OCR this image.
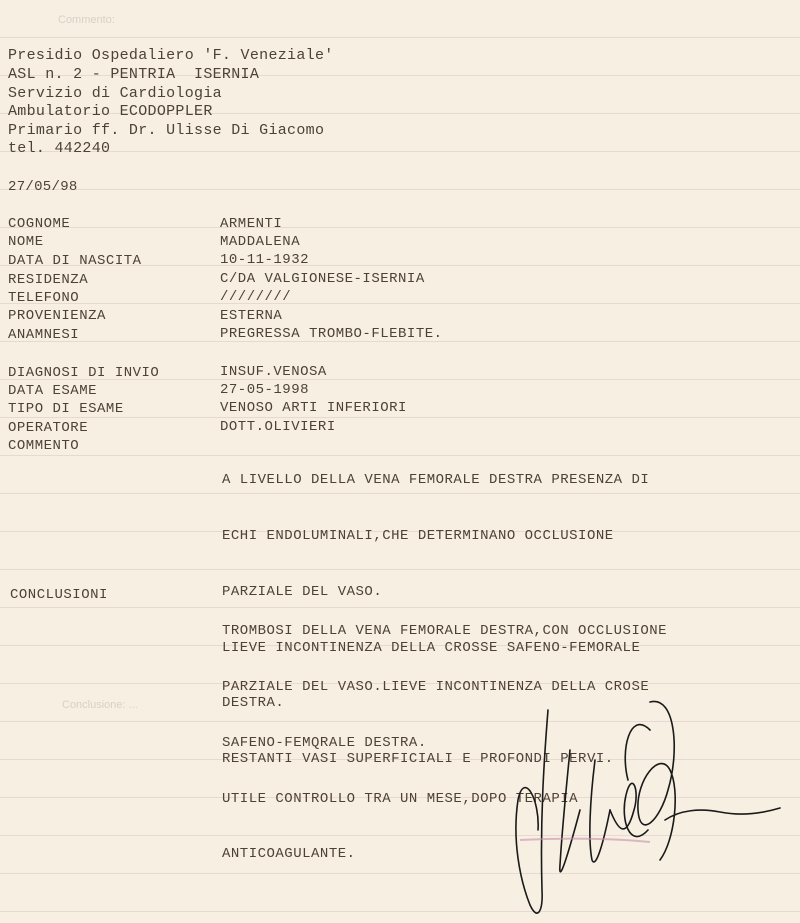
Commento:
Conclusione: ...
Presidio Ospedaliero 'F. Veneziale'
ASL n. 2 - PENTRIA  ISERNIA
Servizio di Cardiologia
Ambulatorio ECODOPPLER
Primario ff. Dr. Ulisse Di Giacomo
tel. 442240
27/05/98
COGNOME	ARMENTI
NOME	MADDALENA
DATA DI NASCITA	10-11-1932
RESIDENZA	C/DA VALGIONESE-ISERNIA
TELEFONO	////////
PROVENIENZA	ESTERNA
ANAMNESI	PREGRESSA TROMBO-FLEBITE.
DIAGNOSI DI INVIO	INSUF.VENOSA
DATA ESAME	27-05-1998
TIPO DI ESAME	VENOSO ARTI INFERIORI
OPERATORE	DOTT.OLIVIERI
COMMENTO

A LIVELLO DELLA VENA FEMORALE DESTRA PRESENZA DI

ECHI ENDOLUMINALI,CHE DETERMINANO OCCLUSIONE

PARZIALE DEL VASO.

LIEVE INCONTINENZA DELLA CROSSE SAFENO-FEMORALE

DESTRA.

RESTANTI VASI SUPERFICIALI E PROFONDI PERVI.

CONCLUSIONI

TROMBOSI DELLA VENA FEMORALE DESTRA,CON OCCLUSIONE

PARZIALE DEL VASO.LIEVE INCONTINENZA DELLA CROSE

SAFENO-FEMQRALE DESTRA.

UTILE CONTROLLO TRA UN MESE,DOPO TERAPIA

ANTICOAGULANTE.
